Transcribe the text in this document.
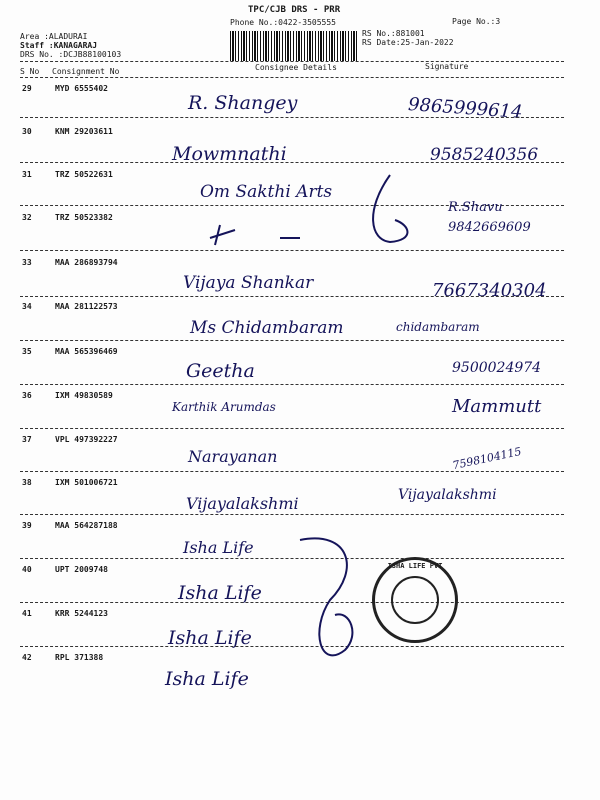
TPC/CJB DRS - PRR
Phone No.:0422-3505555	Page No.:3
Area :ALADURAI
Staff :KANAGARAJ
DRS No. :DCJB88100103
RS No.:881001
RS Date:25-Jan-2022
S No Consignment No	Consignee Details	Signature
29	MYD 6555402
R. Shangey	9865999614
30	KNM 29203611
Mowmnathi	9585240356
31	TRZ 50522631
Om Sakthi Arts
32	TRZ 50523382
R.Shavu 9842669609
33	MAA 286893794
Vijaya Shankar	7667340304
34	MAA 281122573
Ms Chidambaram	chidambaram
35	MAA 565396469
Geetha	9500024974
36	IXM 49830589
Karthik Arumdas	Mammutt
37	VPL 497392227
Narayanan	7598104115
38	IXM 501006721
Vijayalakshmi	Vijayalakshmi
39	MAA 564287188
Isha Life
40	UPT 2009748
Isha Life
41	KRR 5244123
Isha Life
42	RPL 371388
Isha Life
ISHA LIFE PVT
